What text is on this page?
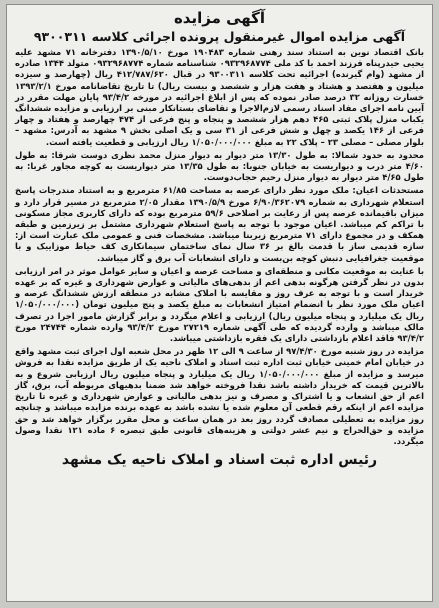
آگهی مزایده
آگهی مزایده اموال غیرمنقول پرونده اجرائی کلاسه ۹۳۰۰۳۱۱

بانک اقتصاد نوین به استناد سند رهنی شماره ۱۹۰۴۸۳ مورخ ۱۳۹۰/۵/۱۰ دفترخانه ۷۱ مشهد علیه یحیی حیدرپناه فرزند احمد با کد ملی ۰۹۳۲۹۶۸۷۷۴ شناسنامه شماره ۰۹۳۲۹۶۸۷۷۴ متولد ۱۳۴۴ صادره از مشهد (وام گیرنده) اجرائیه تحت کلاسه ۹۳۰۰۳۱۱ در قبال ۴۱۲/۷۸۷/۶۲۰ ریال (چهارصد و سیزده میلیون و هفتصد و هشتاد و هفت هزار و ششصد و بیست ریال) تا تاریخ تقاضانامه مورخ ۱۳۹۳/۲/۱ خسارت روزانه ۳۲ درصد صادر نموده که پس از ابلاغ اجرائیه در مورخه ۹۳/۴/۲ پایان مهلت مقرر در آیین نامه اجرای مفاد اسناد رسمی لازم‌الاجرا و تقاضای بستانکار مبنی بر ارزیابی و مزایده ششدانگ یکباب منزل پلاک ثبتی ۴۶۵ دهم هزار ششصد و پنجاه و پنج فرعی از ۴۷۴ چهارصد و هفتاد و چهار فرعی از ۱۴۶ یکصد و چهل و شش فرعی از ۳۱ سی و یک اصلی بخش ۹ مشهد به آدرس: مشهد – بلوار مصلی – مصلی ۲۳ – پلاک ۲۲ به مبلغ ۱/۰۵۰/۰۰۰/۰۰۰ ریال ارزیابی و قطعیت یافته است.

محدود به حدود شمالا: به طول ۱۳/۳۰ متر دیوار به دیوار منزل محمد نظری دوست شرقا: به طول ۴/۶۰ متر درب و دیواریست به خیابان جنوبا: به طول ۱۳/۳۵ متر دیواریست به کوچه مجاور غربا: به طول ۴/۶۵ متر دیوار به دیوار منزل رحیم حجاب‌دوست.

مستحدثات اعیان: ملک مورد نظر دارای عرصه به مساحت ۶۱/۸۵ مترمربع و به استناد مندرجات پاسخ استعلام شهرداری به شماره ۶/۹۰/۳۶۲۰۷۹ مورخ ۱۳۹۰/۵/۹ مقدار ۲/۰۵ مترمربع در مسیر قرار دارد و میزان باقیمانده عرصه پس از رعایت بر اصلاحی ۵۹/۶ مترمربع بوده که دارای کاربری مجاز مسکونی با تراکم کم میباشد. اعیان موجود با توجه به پاسخ استعلام شهرداری مشتمل بر زیرزمین و طبقه همکف و در مجموع دارای ۷۱ مترمربع زیربنا میباشد. مشخصات فنی و عمومی ملک عبارت است از: سازه قدیمی ساز با قدمت بالغ بر ۳۶ سال نمای ساختمان سیمانکاری کف حیاط موزاییک و با موقعیت جغرافیایی دنبش کوچه بن‌بست و دارای انشعابات آب برق و گاز میباشد.

با عنایت به موقعیت مکانی و منطقه‌ای و مساحت عرصه و اعیان و سایر عوامل موثر در امر ارزیابی بدون در نظر گرفتن هرگونه بدهی اعم از بدهی‌های مالیاتی و عوارض شهرداری و غیره که بر عهده خریدار است و با توجه به عرف روز و مقایسه با املاک مشابه در منطقه ارزش ششدانگ عرصه و اعیان ملک مورد نظر با انضمام امتیاز انشعابات به مبلغ یکصد و پنج میلیون تومان (۱/۰۵۰/۰۰۰/۰۰۰ ریال یک میلیارد و پنجاه میلیون ریال) ارزیابی و اعلام میگردد و برابر گزارش مامور اجرا در تصرف مالک میباشد و وارده گردیده که طی آگهی شماره ۲۷۲۱۹ مورخ ۹۳/۴/۲ وارده شماره ۲۴۷۴۴ مورخ ۹۳/۴/۲ فاقد اعلام بازداشتی دارای یک فقره بازداشتی میباشد.

مزایده در روز شنبه مورخ ۹۷/۴/۳۰ از ساعت ۹ الی ۱۲ ظهر در محل شعبه اول اجرای ثبت مشهد واقع در خیابان امام خمینی خیابان ثبت اداره ثبت اسناد و املاک ناحیه یک از طریق مزایده نقدا به فروش میرسد و مزایده از مبلغ ۱/۰۵۰/۰۰۰/۰۰۰ ریال یک میلیارد و پنجاه میلیون ریال ارزیابی شروع و به بالاترین قیمت که خریدار داشته باشد نقدا فروخته خواهد شد ضمنا بدهیهای مربوطه آب، برق، گاز اعم از حق انشعاب و یا اشتراک و مصرف و نیز بدهی مالیاتی و عوارض شهرداری و غیره تا تاریخ مزایده اعم از اینکه رقم قطعی آن معلوم شده یا نشده باشد به عهده برنده مزایده میباشد و چنانچه روز مزایده به تعطیلی مصادف گردد روز بعد در همان ساعت و محل مقرر برگزار خواهد شد و حق مزایده و حق‌الحراج و نیم عشر دولتی و هزینه‌های قانونی طبق تبصره ۶ ماده ۱۲۱ نقدا وصول میگردد.

رئیس اداره ثبت اسناد و املاک ناحیه یک مشهد
